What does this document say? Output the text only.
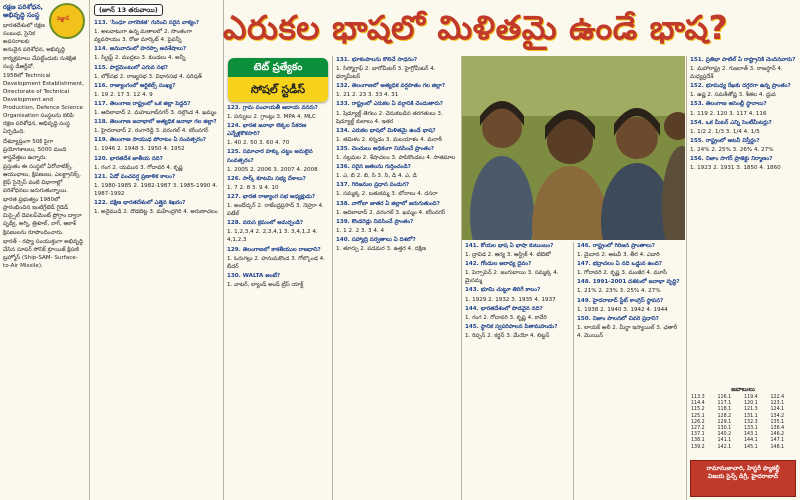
విజ్ఞాన్
రక్షణ పరిశోధన, అభివృద్ధి సంస్థ

భారతదేశంలో రక్షణ సంబంధ, సైనిక అవసరాలకు అనువైన పరిశోధన, అభివృద్ధి కార్యక్రమాలు చేపట్టేందుకు సుశిక్షిత సంస్థ డీఆర్డీవో.

1958లో Technical Development Establishment, Directorate of Technical Development and Production, Defence Science Organisation సంస్థలను కలిపి రక్షణ పరిశోధన, అభివృద్ధి సంస్థ ఏర్పడింది.

దేశవ్యాప్తంగా 50కి పైగా ప్రయోగశాలలు, 5000 మంది శాస్త్రవేత్తలు ఉన్నారు.

ప్రస్తుతం ఈ సంస్థలో ఏరోనాటిక్స్, ఆయుధాలు, క్షిపణులు, ఎలక్ట్రానిక్స్, లైఫ్ సైన్సెస్ వంటి విభాగాల్లో పరిశోధనలు జరుగుతున్నాయి.

భారత ప్రభుత్వం 1980లో ప్రారంభించిన ఇంటిగ్రేటెడ్ గైడెడ్ మిస్సైల్ డెవలప్‌మెంట్ ప్రోగ్రాం ద్వారా పృథ్వీ, అగ్ని, త్రిశూల్, నాగ్, ఆకాశ్ క్షిపణులను రూపొందించారు.

భారత్ - రష్యా సంయుక్తంగా అభివృద్ధి చేసిన సూపర్ సోనిక్ క్రూయిజ్ క్షిపణి బ్రహ్మోస్ (Ship-SAM- Surface-to-Air Missile).

(జూన్ 13 తరువాయి)

113. 'సింధూ నాగరికత' గురించి సరైన వాక్యం?

1. అలవాటుగా ఉన్న మతాలలో 2. సొంతంగా వ్యవసాయం 3. రోజు మార్కెట్ 4. పైవన్నీ

114. అనువాదంలో హరప్పా అవశేషాలు?

1. స్క్రిప్ట్ 2. ముద్రలు 3. కుండలు 4. అన్నీ

115. పార్లమెంటులో ఎగువ సభ?

1. లోక్‌సభ 2. రాజ్యసభ 3. విధానసభ 4. పరిషత్

116. రాజ్యాంగంలో ఆర్టికల్స్ సంఖ్య?

1. 19 2. 17 3. 12 4. 9

117. తెలంగాణ రాష్ట్రంలో ఒక జిల్లా పెద్దది?

1. ఆదిలాబాద్ 2. మహబూబ్‌నగర్ 3. నల్గొండ 4. ఖమ్మం

118. తెలంగాణ జనాభాలో అత్యధిక జనాభా గల జిల్లా?

1. హైదరాబాద్ 2. రంగారెడ్డి 3. వరంగల్ 4. కరీంనగర్

119. తెలంగాణ సాయుధ పోరాటం ఏ సంవత్సరం?

1. 1946 2. 1948 3. 1950 4. 1952

120. భారతదేశ జాతీయ నది?

1. గంగ 2. యమున 3. గోదావరి 4. కృష్ణ

121. ఏడో పంచవర్ష ప్రణాళిక కాలం?

1. 1980-1985 2. 1982-1987 3. 1985-1990 4. 1987-1992

122. దక్షిణ భారతదేశంలో ఎత్తైన శిఖరం?

1. అనైముడి 2. దొడబెట్ట 3. మహేంద్రగిరి 4. అరుణాచలం

ఎరుకల భాషలో మిళితమై ఉండే భాష?
టెట్ ప్రత్యేకం
సోషల్ స్టడీస్

123. గ్రామ పంచాయతీ ఆదాయ వనరు?

1. పన్నులు 2. గ్రాంట్లు 3. MPA 4. MLC

124. భారత జనాభా లెక్కల సేకరణ ఎన్నేళ్లకొకసారి?

1. 40 2. 50 3. 60 4. 70

125. సమాచార హక్కు చట్టం అమలైన సంవత్సరం?

1. 2005 2. 2006 3. 2007 4. 2008

126. సార్క్ కూటమి సభ్య దేశాలు?

1. 7 2. 8 3. 9 4. 10

127. భారత రాజ్యాంగ సభ అధ్యక్షుడు?

1. అంబేద్కర్ 2. రాజేంద్రప్రసాద్ 3. నెహ్రూ 4. పటేల్

128. వరుస క్రమంలో అమర్చండి?

1. 1,2,3,4 2. 2,3,4,1 3. 3,4,1,2 4. 4,1,2,3

129. తెలంగాణలో కాకతీయుల రాజధాని?

1. ఓరుగల్లు 2. హనుమకొండ 3. గోల్కొండ 4. బీదర్

130. WALTA అంటే?

1. వాటర్, ల్యాండ్ అండ్ ట్రీస్ యాక్ట్

131. భూకంపాలను కొలిచే సాధనం?

1. సిస్మోగ్రాఫ్ 2. బారోమీటర్ 3. హైగ్రోమీటర్ 4. థర్మామీటర్

132. తెలంగాణలో అత్యధిక వర్షపాతం గల జిల్లా?

1. 21 2. 23 3. 33 4. 31

133. రాష్ట్రంలో ఎరుకల ఏ వర్గానికి చెందుతారు?

1. షెడ్యూల్డ్ తెగలు 2. వెనుకబడిన తరగతులు 3. షెడ్యూల్డ్ కులాలు 4. ఇతర

134. ఎరుకల భాషలో మిళితమై ఉండే భాష?

1. తమిళం 2. కన్నడం 3. మలయాళం 4. మరాఠీ

135. చెంచులు అధికంగా నివసించే ప్రాంతం?

1. నల్లమల 2. శేషాచలం 3. పాపికొండలు 4. సాతమాల

136. సరైన జతలను గుర్తించండి?

1. ఎ, బి 2. బి, సి 3. సి, డి 4. ఎ, డి

137. గిరిజనుల ప్రధాన పండుగ?

1. సమ్మక్క 2. బతుకమ్మ 3. బోనాలు 4. దసరా

138. నాగోబా జాతర ఏ జిల్లాలో జరుగుతుంది?

1. ఆదిలాబాద్ 2. వరంగల్ 3. ఖమ్మం 4. కరీంనగర్

139. కొండరెడ్లు నివసించే ప్రాంతం?

1. 1 2. 2 3. 3 4. 4

140. సహ్యాద్రి పర్వతాలు ఏ దిశలో?

1. తూర్పు 2. పడమర 3. ఉత్తర 4. దక్షిణ	141. కోయల భాష ఏ భాషా కుటుంబం?

1. ద్రావిడ 2. ఆర్య 3. ఆస్ట్రిక్ 4. టిబెటో

142. గోండుల ఆరాధ్య దైవం?

1. పెర్సాపెన్ 2. జంగుబాయి 3. సమ్మక్క 4. మైసమ్మ

143. భూమి చుట్టూ తిరిగే కాలం?

1. 1929 2. 1932 3. 1935 4. 1937

144. భారతదేశంలో పొడవైన నది?

1. గంగ 2. గోదావరి 3. కృష్ణ 4. కావేరి

145. స్థానిక స్వపరిపాలన పితామహుడు?

1. రిప్పన్ 2. కర్జన్ 3. మేయో 4. లిట్టన్

146. రాష్ట్రంలో గిరిజన ప్రాంతాలు?

1. మైదాన 2. అటవీ 3. తీర 4. ఎడారి

147. భద్రాచలం ఏ నది ఒడ్డున ఉంది?

1. గోదావరి 2. కృష్ణ 3. మంజీర 4. మూసీ

148. 1991-2001 దశకంలో జనాభా వృద్ధి?

1. 21% 2. 23% 3. 25% 4. 27%

149. హైదరాబాద్ స్టేట్ కాంగ్రెస్ స్థాపన?

1. 1938 2. 1940 3. 1942 4. 1944

150. నిజాం పాలనలో చివరి ప్రధాని?

1. లాయక్ అలీ 2. మీర్జా ఇస్మాయిల్ 3. ఛతారీ 4. మొయిన్

151. ప్రతిభా పాటిల్ ఏ రాష్ట్రానికి చెందినవారు?

1. మహారాష్ట్ర 2. గుజరాత్ 3. రాజస్థాన్ 4. మధ్యప్రదేశ్

152. భూమధ్య రేఖకు దగ్గరగా ఉన్న ప్రాంతం?

1. ఉష్ణ 2. సమశీతోష్ణ 3. శీతల 4. ధ్రువ

153. తెలంగాణ అసెంబ్లీ స్థానాలు?

1. 119 2. 120 3. 117 4. 116

154. ఒక మీటర్ ఎన్ని సెంటీమీటర్లు?

1. 1/2 2. 1/3 3. 1/4 4. 1/5

155. రాష్ట్రంలో అటవీ విస్తీర్ణం?

1. 24% 2. 25% 3. 26% 4. 27%

156. నిజాం సాగర్ ప్రాజెక్టు నిర్మాణం?

1. 1923 2. 1931 3. 1850 4. 1860

జవాబులు
113.3	116.1	119.4	122.4
114.4	117.1	120.1	123.1
115.2	118.1	121.3	124.1
125.1	128.2	131.1	134.2
126.2	129.1	132.3	135.1
127.2	130.1	133.1	136.4
137.1	140.2	143.1	146.2
138.1	141.1	144.1	147.1
139.2	142.1	145.1	148.1
రామానుజాచారి, హిస్టరీ ఫ్యాకల్టీ
విజయ సైన్స్ డిగ్రీ, హైదరాబాద్
